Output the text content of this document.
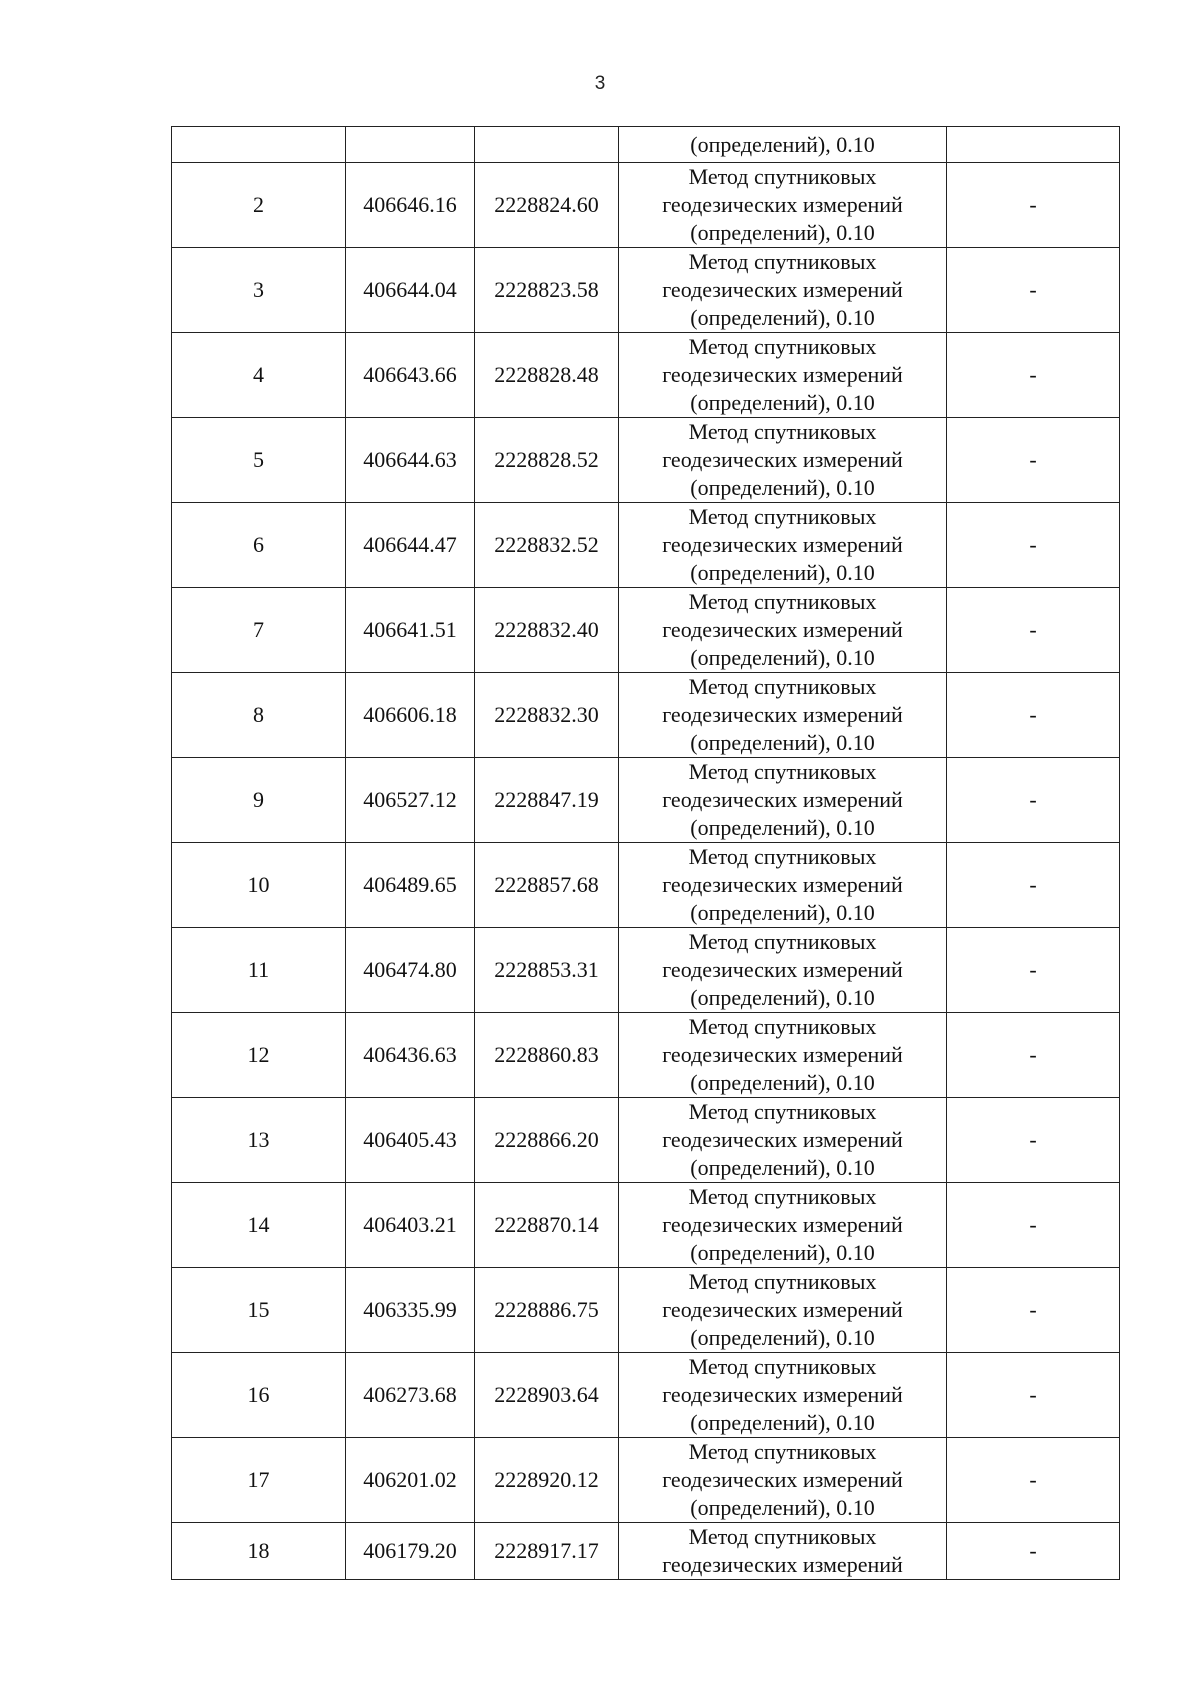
3

			(определений), 0.10	

2	406646.16	2228824.60	Метод спутниковых
геодезических измерений
(определений), 0.10	-
3	406644.04	2228823.58	Метод спутниковых
геодезических измерений
(определений), 0.10	-
4	406643.66	2228828.48	Метод спутниковых
геодезических измерений
(определений), 0.10	-
5	406644.63	2228828.52	Метод спутниковых
геодезических измерений
(определений), 0.10	-
6	406644.47	2228832.52	Метод спутниковых
геодезических измерений
(определений), 0.10	-
7	406641.51	2228832.40	Метод спутниковых
геодезических измерений
(определений), 0.10	-
8	406606.18	2228832.30	Метод спутниковых
геодезических измерений
(определений), 0.10	-
9	406527.12	2228847.19	Метод спутниковых
геодезических измерений
(определений), 0.10	-
10	406489.65	2228857.68	Метод спутниковых
геодезических измерений
(определений), 0.10	-
11	406474.80	2228853.31	Метод спутниковых
геодезических измерений
(определений), 0.10	-
12	406436.63	2228860.83	Метод спутниковых
геодезических измерений
(определений), 0.10	-
13	406405.43	2228866.20	Метод спутниковых
геодезических измерений
(определений), 0.10	-
14	406403.21	2228870.14	Метод спутниковых
геодезических измерений
(определений), 0.10	-
15	406335.99	2228886.75	Метод спутниковых
геодезических измерений
(определений), 0.10	-
16	406273.68	2228903.64	Метод спутниковых
геодезических измерений
(определений), 0.10	-
17	406201.02	2228920.12	Метод спутниковых
геодезических измерений
(определений), 0.10	-
18	406179.20	2228917.17	Метод спутниковых
геодезических измерений	-
